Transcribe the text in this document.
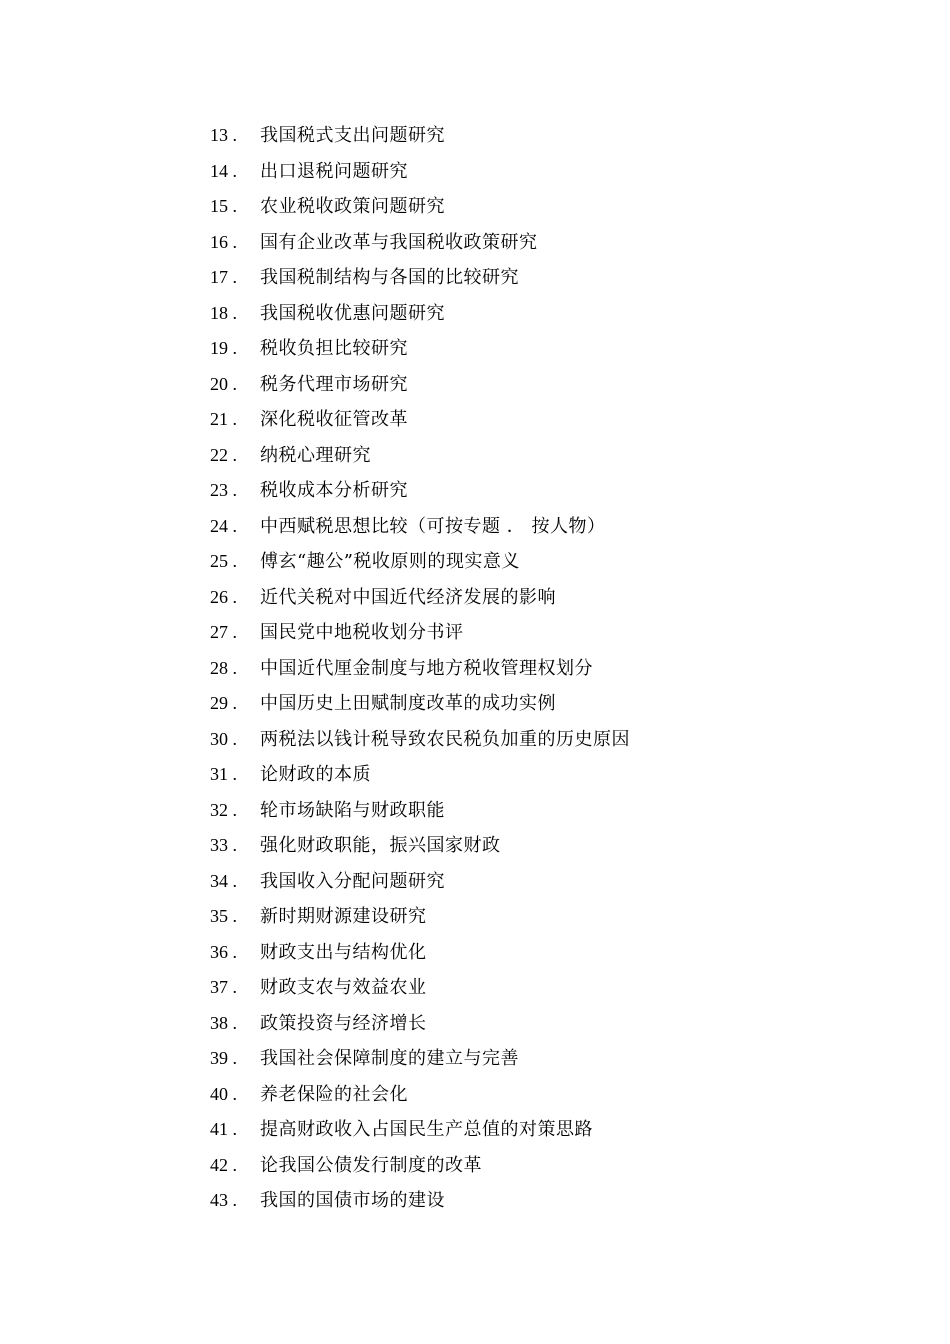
13 .	我国税式支出问题研究
14 .	出口退税问题研究
15 .	农业税收政策问题研究
16 .	国有企业改革与我国税收政策研究
17 .	我国税制结构与各国的比较研究
18 .	我国税收优惠问题研究
19 .	税收负担比较研究
20 .	税务代理市场研究
21 .	深化税收征管改革
22 .	纳税心理研究
23 .	税收成本分析研究
24 .	中西赋税思想比较（可按专题 ． 按人物）
25 .	傅玄“趣公”税收原则的现实意义
26 .	近代关税对中国近代经济发展的影响
27 .	国民党中地税收划分书评
28 .	中国近代厘金制度与地方税收管理权划分
29 .	中国历史上田赋制度改革的成功实例
30 .	两税法以钱计税导致农民税负加重的历史原因
31 .	论财政的本质
32 .	轮市场缺陷与财政职能
33 .	强化财政职能，振兴国家财政
34 .	我国收入分配问题研究
35 .	新时期财源建设研究
36 .	财政支出与结构优化
37 .	财政支农与效益农业
38 .	政策投资与经济增长
39 .	我国社会保障制度的建立与完善
40 .	养老保险的社会化
41 .	提高财政收入占国民生产总值的对策思路
42 .	论我国公债发行制度的改革
43 .	我国的国债市场的建设
